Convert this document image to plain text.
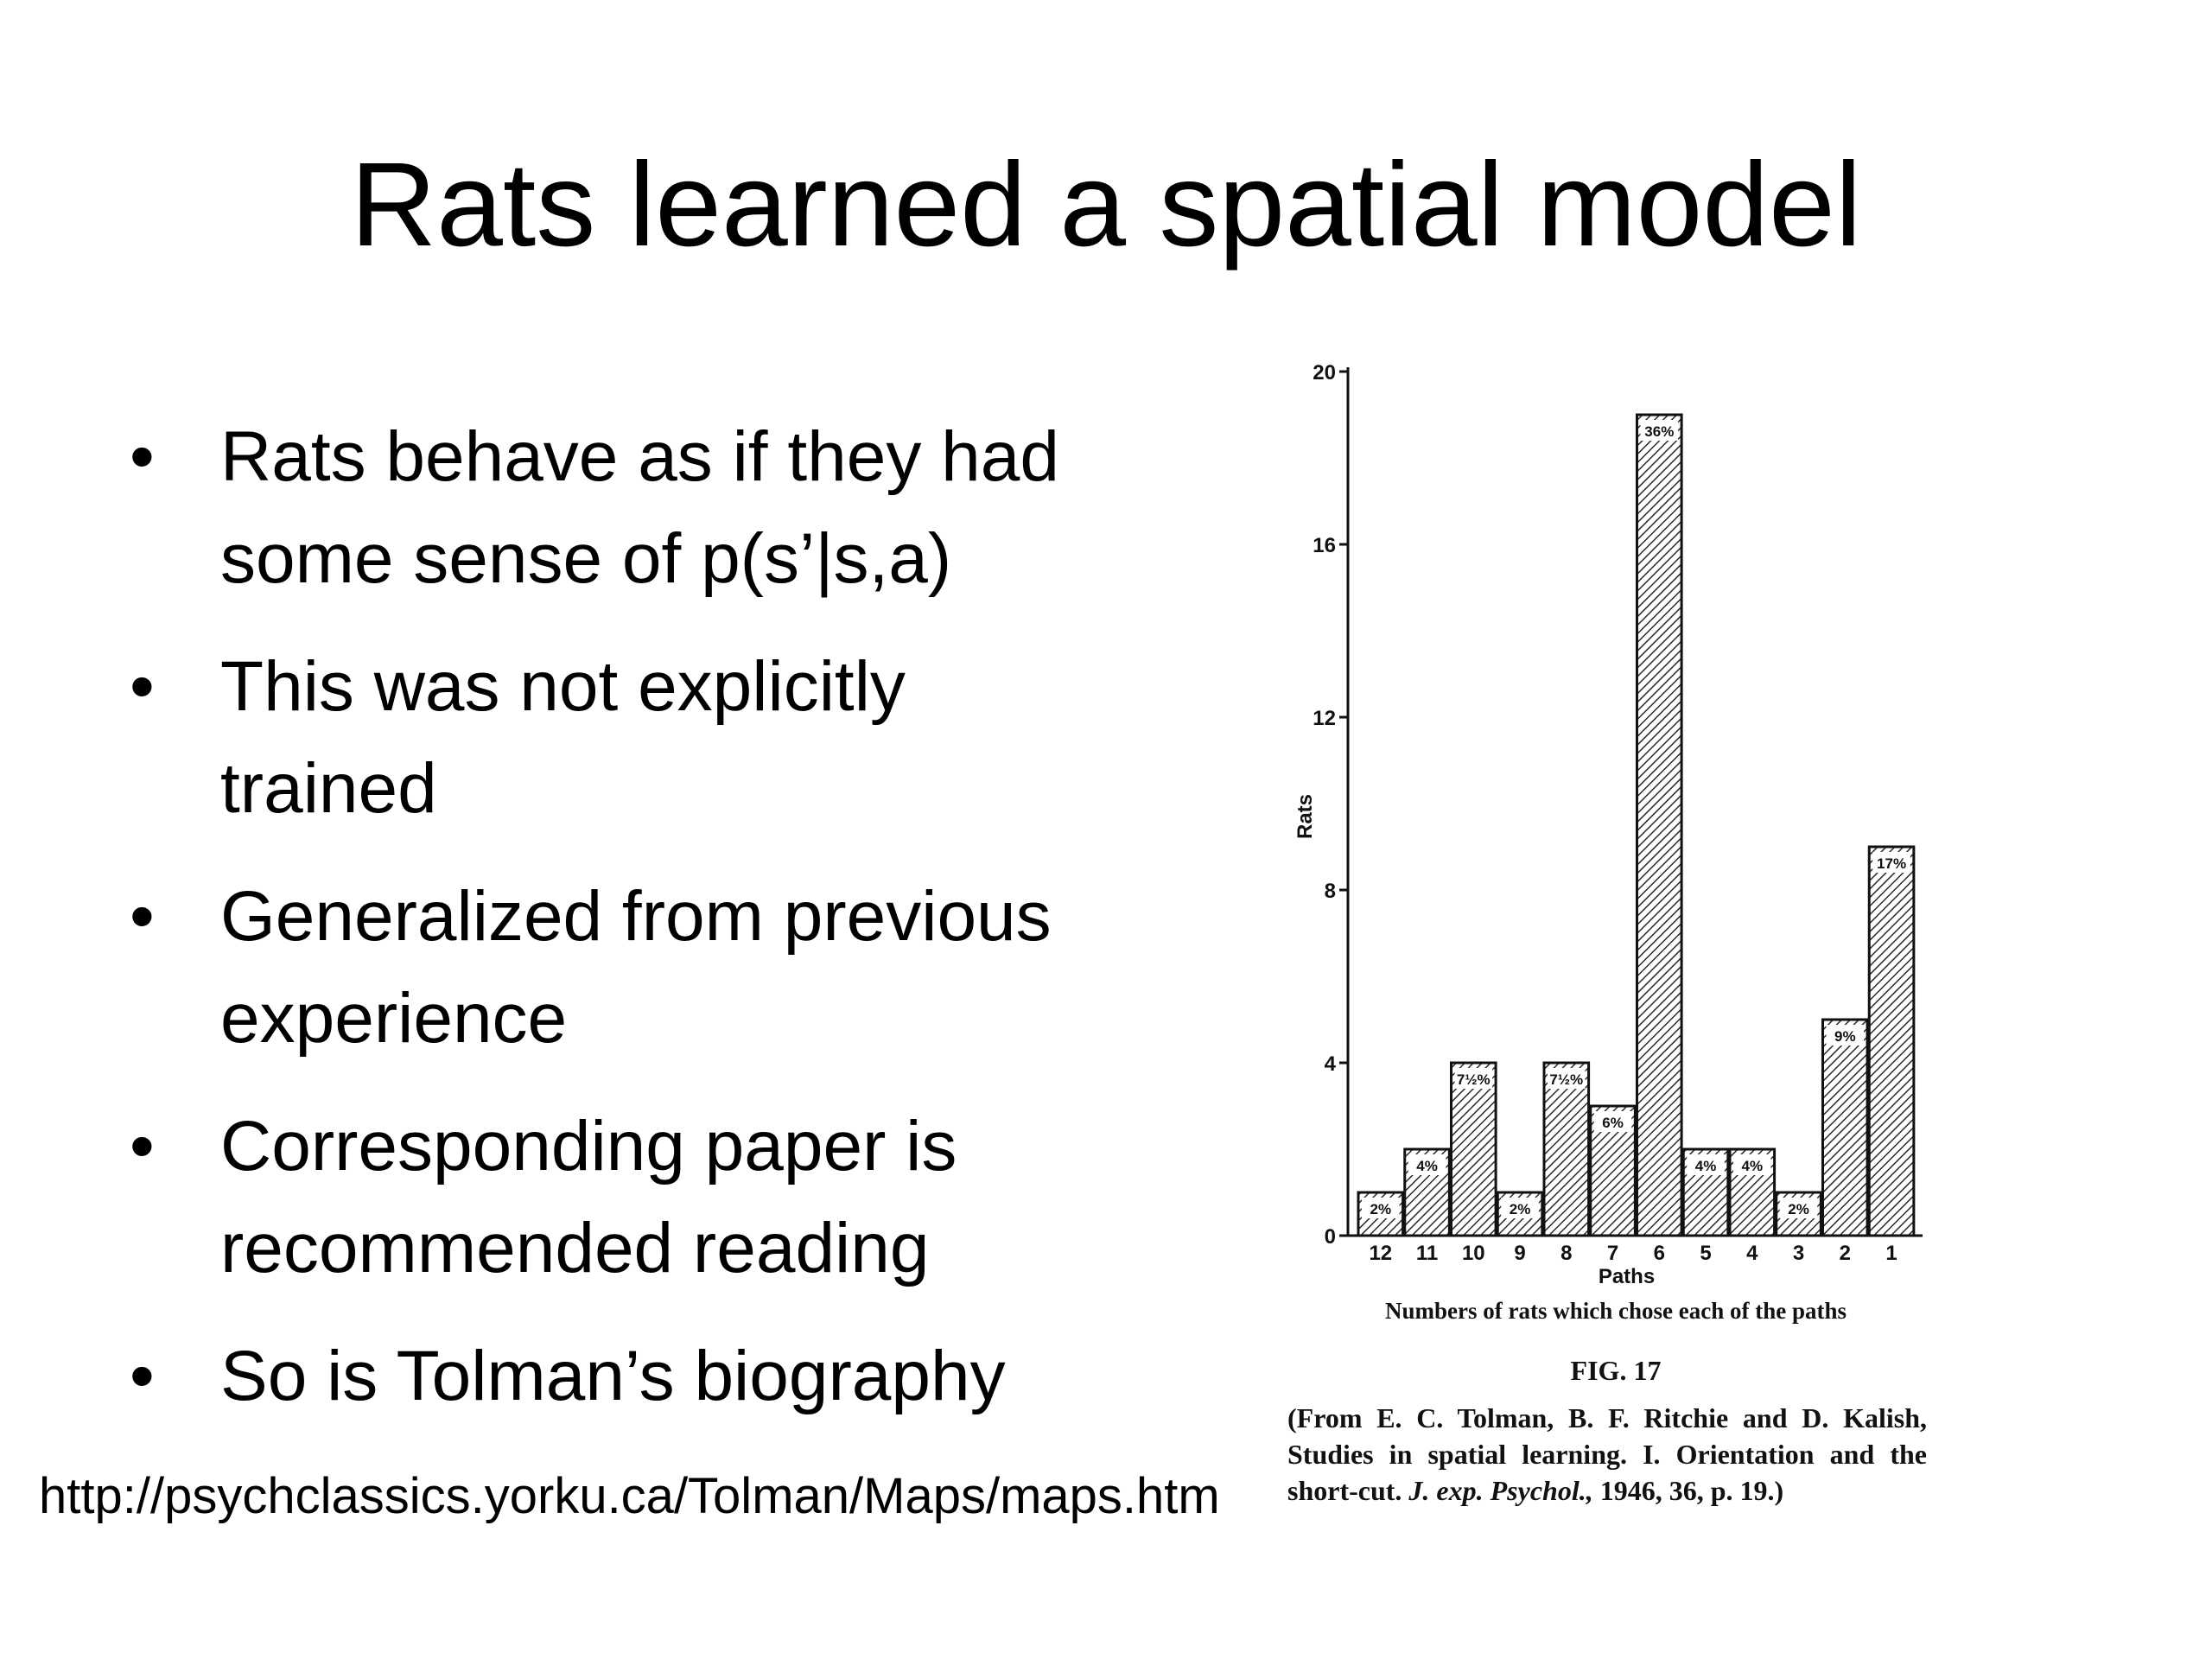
Rats learned a spatial model
• Rats behave as if they had some sense of p(s’|s,a)
• This was not explicitly trained
• Generalized from previous experience
• Corresponding paper is recommended reading
• So is Tolman’s biography
http://psychclassics.yorku.ca/Tolman/Maps/maps.htm
0
4
8
12
16
20
Rats
2%
12
4%
11
7½%
10
2%
9
7½%
8
6%
7
36%
6
4%
5
4%
4
2%
3
9%
2
17%
1
Paths
Numbers of rats which chose each of the paths
FIG. 17
(From E. C. Tolman, B. F. Ritchie and D. Kalish, Studies in spatial learning. I. Orientation and the short-cut. J. exp. Psychol., 1946, 36, p. 19.)
